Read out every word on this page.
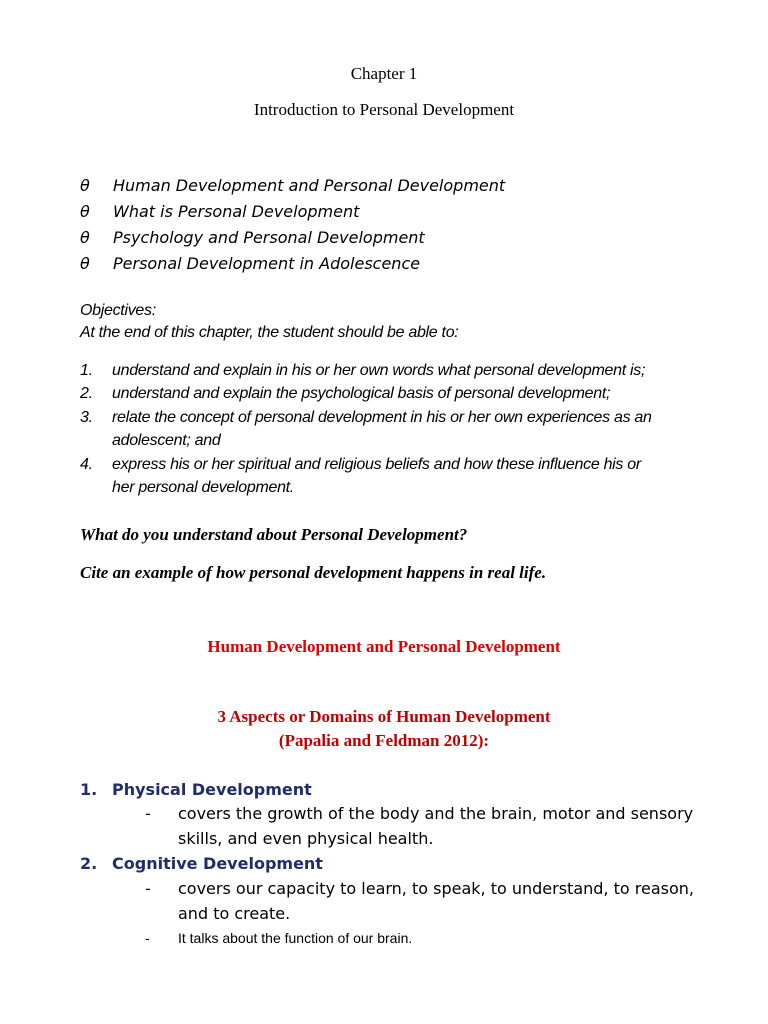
Chapter 1
Introduction to Personal Development
θ Human Development and Personal Development
θ What is Personal Development
θ Psychology and Personal Development
θ Personal Development in Adolescence
Objectives:
At the end of this chapter, the student should be able to:
1. understand and explain in his or her own words what personal development is;
2. understand and explain the psychological basis of personal development;
3. relate the concept of personal development in his or her own experiences as an
adolescent; and
4. express his or her spiritual and religious beliefs and how these influence his or
her personal development.
What do you understand about Personal Development?
Cite an example of how personal development happens in real life.
Human Development and Personal Development
3 Aspects or Domains of Human Development
(Papalia and Feldman 2012):
1. Physical Development
- covers the growth of the body and the brain, motor and sensory
skills, and even physical health.
2. Cognitive Development
- covers our capacity to learn, to speak, to understand, to reason,
and to create.
- It talks about the function of our brain.
